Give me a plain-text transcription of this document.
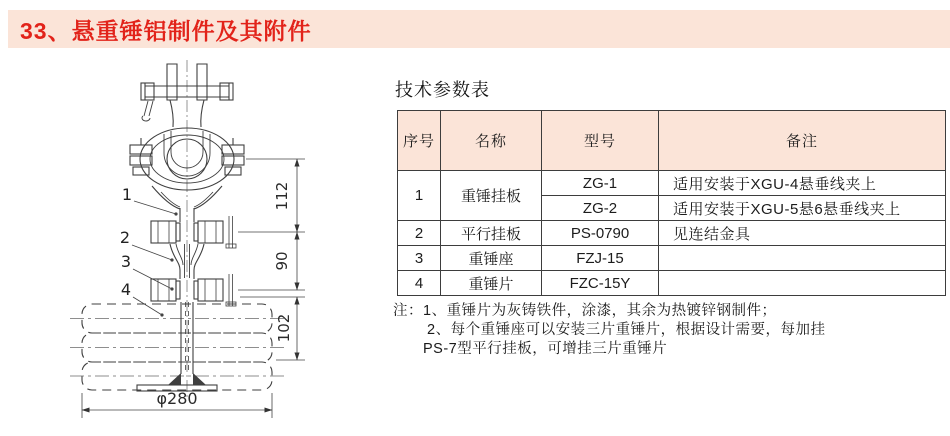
112
90
102
φ280
1
2
3
4
33、悬重锤铝制件及其附件
技术参数表
序号	名称	型号	备注
1	重锤挂板	ZG-1	适用安装于XGU-4悬垂线夹上
		ZG-2	适用安装于XGU-5悬6悬垂线夹上
2	平行挂板	PS-0790	见连结金具
3	重锤座	FZJ-15	
4	重锤片	FZC-15Y	
注：1、重锤片为灰铸铁件，涂漆，其余为热镀锌钢制件；
2、每个重锤座可以安装三片重锤片，根据设计需要，每加挂
PS-7型平行挂板，可增挂三片重锤片
